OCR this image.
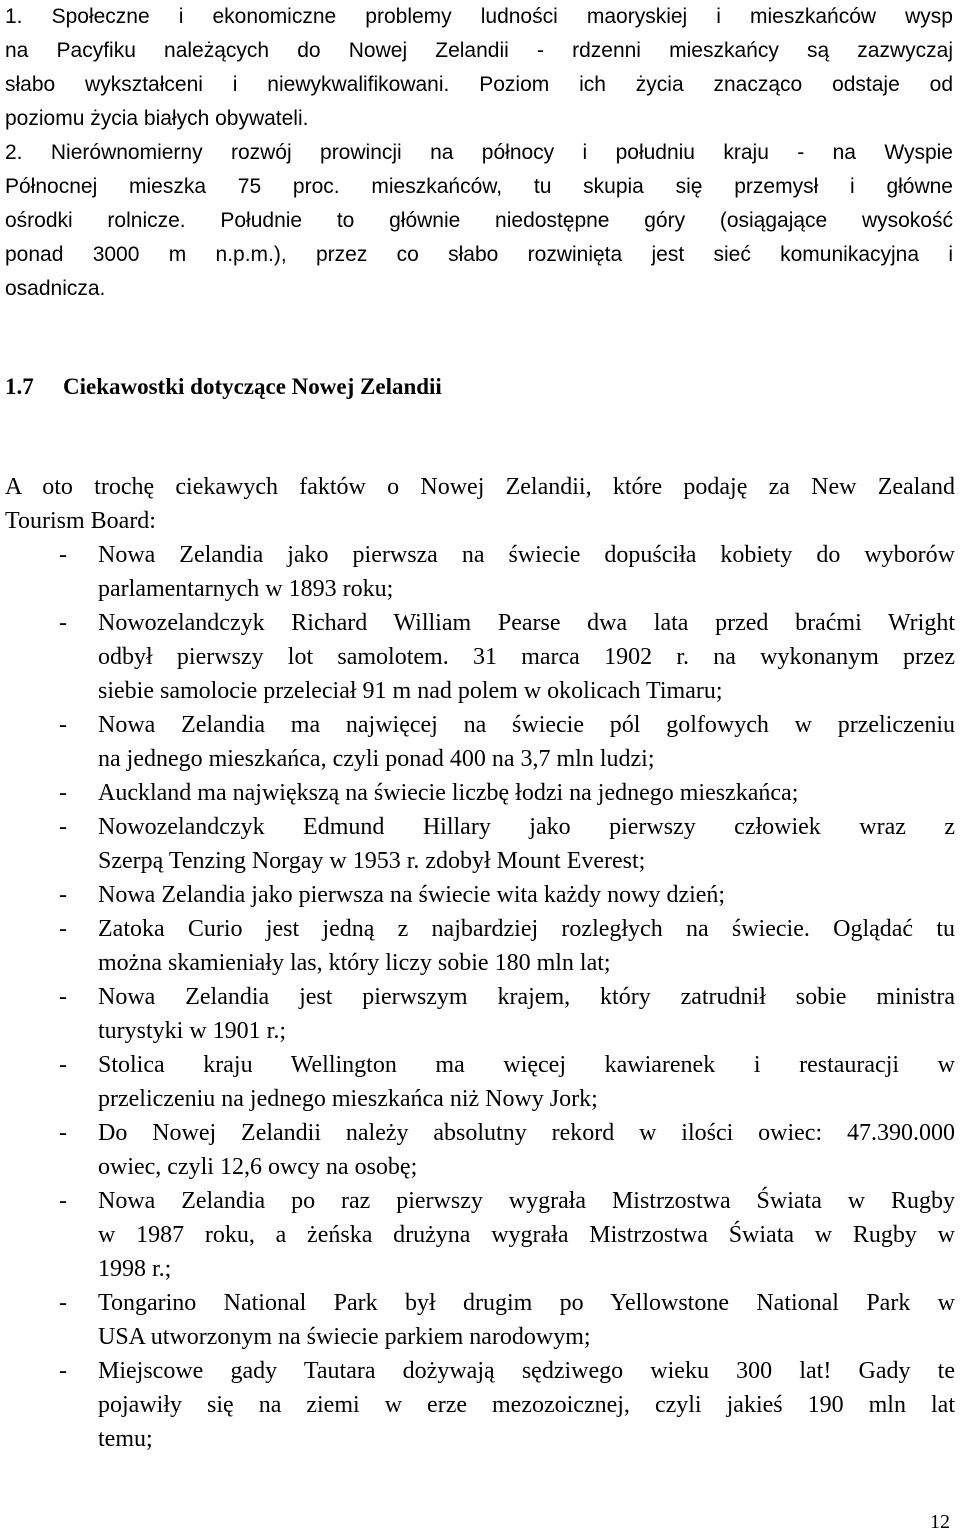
1. Społeczne i ekonomiczne problemy ludności maoryskiej i mieszkańców wysp
na Pacyfiku należących do Nowej Zelandii - rdzenni mieszkańcy są zazwyczaj
słabo wykształceni i niewykwalifikowani. Poziom ich życia znacząco odstaje od
poziomu życia białych obywateli.
2. Nierównomierny rozwój prowincji na północy i południu kraju - na Wyspie
Północnej mieszka 75 proc. mieszkańców, tu skupia się przemysł i główne
ośrodki rolnicze. Południe to głównie niedostępne góry (osiągające wysokość
ponad 3000 m n.p.m.), przez co słabo rozwinięta jest sieć komunikacyjna i
osadnicza.
1.7 Ciekawostki dotyczące Nowej Zelandii
A oto trochę ciekawych faktów o Nowej Zelandii, które podaję za New Zealand
Tourism Board:
- Nowa Zelandia jako pierwsza na świecie dopuściła kobiety do wyborów
parlamentarnych w 1893 roku;
- Nowozelandczyk Richard William Pearse dwa lata przed braćmi Wright
odbył pierwszy lot samolotem. 31 marca 1902 r. na wykonanym przez
siebie samolocie przeleciał 91 m nad polem w okolicach Timaru;
- Nowa Zelandia ma najwięcej na świecie pól golfowych w przeliczeniu
na jednego mieszkańca, czyli ponad 400 na 3,7 mln ludzi;
- Auckland ma największą na świecie liczbę łodzi na jednego mieszkańca;
- Nowozelandczyk Edmund Hillary jako pierwszy człowiek wraz z
Szerpą Tenzing Norgay w 1953 r. zdobył Mount Everest;
- Nowa Zelandia jako pierwsza na świecie wita każdy nowy dzień;
- Zatoka Curio jest jedną z najbardziej rozległych na świecie. Oglądać tu
można skamieniały las, który liczy sobie 180 mln lat;
- Nowa Zelandia jest pierwszym krajem, który zatrudnił sobie ministra
turystyki w 1901 r.;
- Stolica kraju Wellington ma więcej kawiarenek i restauracji w
przeliczeniu na jednego mieszkańca niż Nowy Jork;
- Do Nowej Zelandii należy absolutny rekord w ilości owiec: 47.390.000
owiec, czyli 12,6 owcy na osobę;
- Nowa Zelandia po raz pierwszy wygrała Mistrzostwa Świata w Rugby
w 1987 roku, a żeńska drużyna wygrała Mistrzostwa Świata w Rugby w
1998 r.;
- Tongarino National Park był drugim po Yellowstone National Park w
USA utworzonym na świecie parkiem narodowym;
- Miejscowe gady Tautara dożywają sędziwego wieku 300 lat! Gady te
pojawiły się na ziemi w erze mezozoicznej, czyli jakieś 190 mln lat
temu;
12
